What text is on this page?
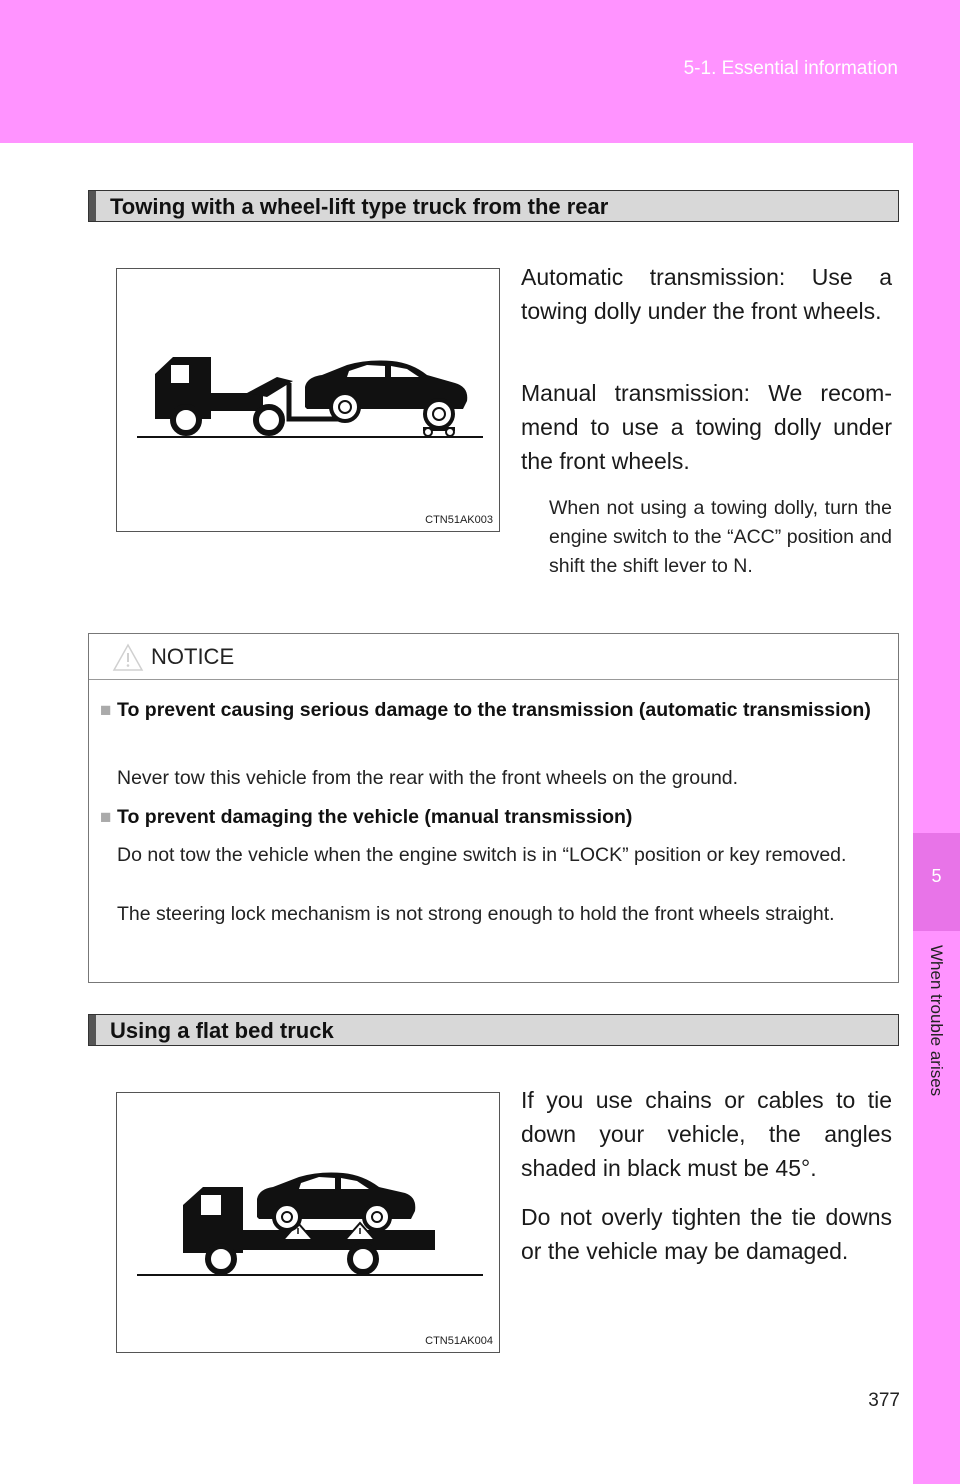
5-1. Essential information
5
When trouble arises
Towing with a wheel-lift type truck from the rear
CTN51AK003

Automatic transmission: Use a towing dolly under the front wheels.

Manual transmission: We recom-mend to use a towing dolly under the front wheels.

When not using a towing dolly, turn the engine switch to the “ACC” position and shift the shift lever to N.

NOTICE

■ To prevent causing serious damage to the transmission (automatic transmission)

Never tow this vehicle from the rear with the front wheels on the ground.

■ To prevent damaging the vehicle (manual transmission)

Do not tow the vehicle when the engine switch is in “LOCK” position or key removed.

The steering lock mechanism is not strong enough to hold the front wheels straight.

Using a flat bed truck
CTN51AK004

If you use chains or cables to tie down your vehicle, the angles shaded in black must be 45°.

Do not overly tighten the tie downs or the vehicle may be damaged.

377
